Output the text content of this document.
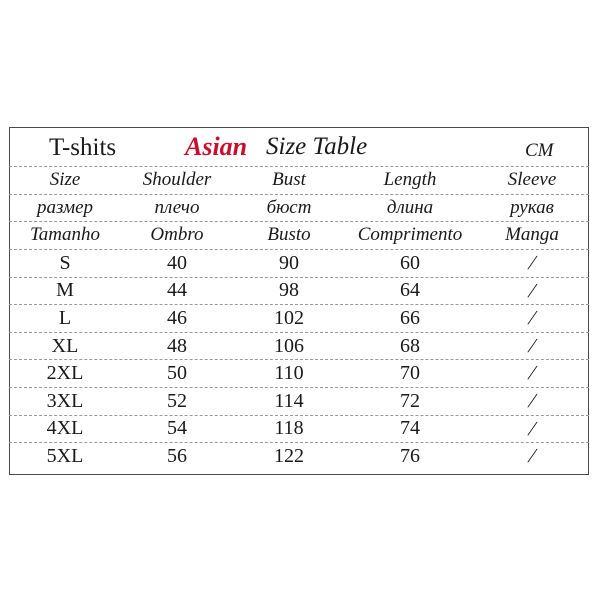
T-shits	Asian Size Table	CM
Size	Shoulder	Bust	Length	Sleeve
размер	плечо	бюст	длина	рукав
Tamanho	Ombro	Busto	Comprimento	Manga
S	40	90	60	/
M	44	98	64	/
L	46	102	66	/
XL	48	106	68	/
2XL	50	110	70	/
3XL	52	114	72	/
4XL	54	118	74	/
5XL	56	122	76	/
